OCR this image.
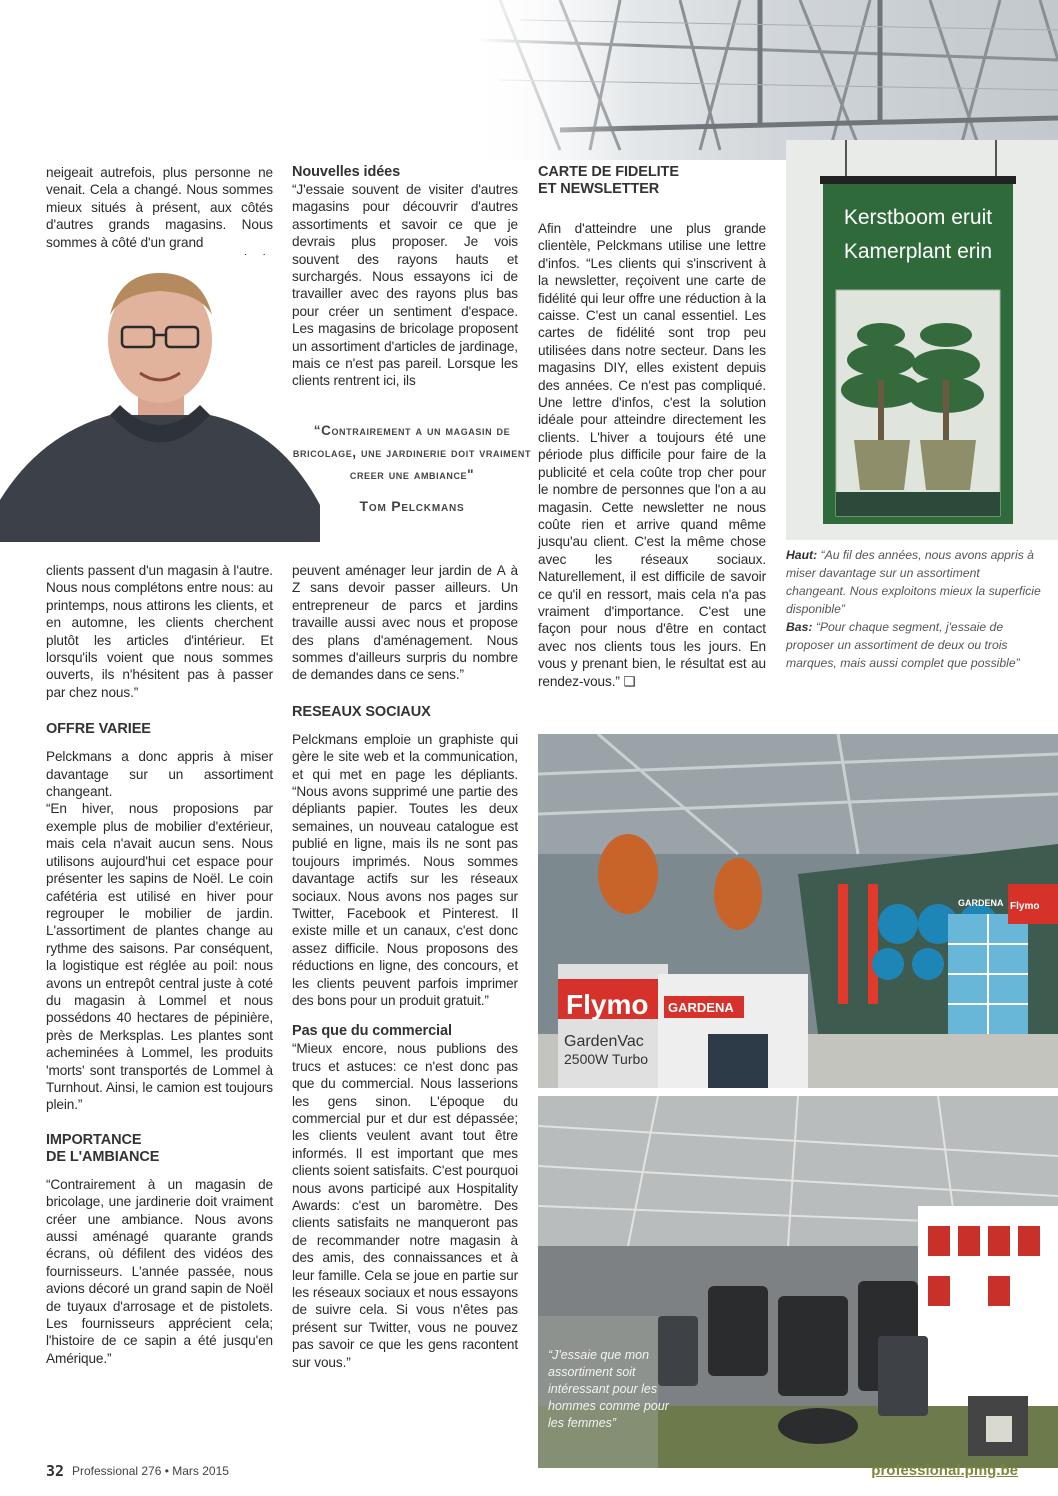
neigeait autrefois, plus personne ne venait. Cela a changé. Nous sommes mieux situés à présent, aux côtés d'autres grands magasins. Nous sommes à côté d'un grand

clients passent d'un magasin à l'autre. Nous nous complétons entre nous: au printemps, nous attirons les clients, et en automne, les clients cherchent plutôt les articles d'intérieur. Et lorsqu'ils voient que nous sommes ouverts, ils n'hésitent pas à passer par chez nous.”

OFFRE VARIEE

Pelckmans a donc appris à miser davantage sur un assortiment changeant.

“En hiver, nous proposions par exemple plus de mobilier d'extérieur, mais cela n'avait aucun sens. Nous utilisons aujourd'hui cet espace pour présenter les sapins de Noël. Le coin cafétéria est utilisé en hiver pour regrouper le mobilier de jardin. L'assortiment de plantes change au rythme des saisons. Par conséquent, la logistique est réglée au poil: nous avons un entrepôt central juste à coté du magasin à Lommel et nous possédons 40 hectares de pépinière, près de Merksplas. Les plantes sont acheminées à Lommel, les produits 'morts' sont transportés de Lommel à Turnhout. Ainsi, le camion est toujours plein.”

IMPORTANCE

DE L'AMBIANCE

“Contrairement à un magasin de bricolage, une jardinerie doit vraiment créer une ambiance. Nous avons aussi aménagé quarante grands écrans, où défilent des vidéos des fournisseurs. L'année passée, nous avions décoré un grand sapin de Noël de tuyaux d'arrosage et de pistolets. Les fournisseurs apprécient cela; l'histoire de ce sapin a été jusqu'en Amérique.”

Nouvelles idées

“J'essaie souvent de visiter d'autres magasins pour découvrir d'autres assortiments et savoir ce que je devrais plus proposer. Je vois souvent des rayons hauts et surchargés. Nous essayons ici de travailler avec des rayons plus bas pour créer un sentiment d'espace. Les magasins de bricolage proposent un assortiment d'articles de jardinage, mais ce n'est pas pareil. Lorsque les clients rentrent ici, ils

“Contrairement a un magasin de bricolage, une jardinerie doit vraiment creer une ambiance"
Tom Pelckmans

peuvent aménager leur jardin de A à Z sans devoir passer ailleurs. Un entrepreneur de parcs et jardins travaille aussi avec nous et propose des plans d'aménagement. Nous sommes d'ailleurs surpris du nombre de demandes dans ce sens.”

RESEAUX SOCIAUX

Pelckmans emploie un graphiste qui gère le site web et la communication, et qui met en page les dépliants. “Nous avons supprimé une partie des dépliants papier. Toutes les deux semaines, un nouveau catalogue est publié en ligne, mais ils ne sont pas toujours imprimés. Nous sommes davantage actifs sur les réseaux sociaux. Nous avons nos pages sur Twitter, Facebook et Pinterest. Il existe mille et un canaux, c'est donc assez difficile. Nous proposons des réductions en ligne, des concours, et les clients peuvent parfois imprimer des bons pour un produit gratuit.”

Pas que du commercial

“Mieux encore, nous publions des trucs et astuces: ce n'est donc pas que du commercial. Nous lasserions les gens sinon. L'époque du commercial pur et dur est dépassée; les clients veulent avant tout être informés. Il est important que mes clients soient satisfaits. C'est pourquoi nous avons participé aux Hospitality Awards: c'est un baromètre. Des clients satisfaits ne manqueront pas de recommander notre magasin à des amis, des connaissances et à leur famille. Cela se joue en partie sur les réseaux sociaux et nous essayons de suivre cela. Si vous n'êtes pas présent sur Twitter, vous ne pouvez pas savoir ce que les gens racontent sur vous.”

CARTE DE FIDELITE

ET NEWSLETTER

Afin d'atteindre une plus grande clientèle, Pelckmans utilise une lettre d'infos. “Les clients qui s'inscrivent à la newsletter, reçoivent une carte de fidélité qui leur offre une réduction à la caisse. C'est un canal essentiel. Les cartes de fidélité sont trop peu utilisées dans notre secteur. Dans les magasins DIY, elles existent depuis des années. Ce n'est pas compliqué. Une lettre d'infos, c'est la solution idéale pour atteindre directement les clients. L'hiver a toujours été une période plus difficile pour faire de la publicité et cela coûte trop cher pour le nombre de personnes que l'on a au magasin. Cette newsletter ne nous coûte rien et arrive quand même jusqu'au client. C'est la même chose avec les réseaux sociaux. Naturellement, il est difficile de savoir ce qu'il en ressort, mais cela n'a pas vraiment d'importance. C'est une façon pour nous d'être en contact avec nos clients tous les jours. En vous y prenant bien, le résultat est au rendez-vous.” ❑

Kerstboom eruit
Kamerplant erin
Haut: “Au fil des années, nous avons appris à miser davantage sur un assortiment changeant. Nous exploitons mieux la superficie disponible”
Bas: “Pour chaque segment, j'essaie de proposer un assortiment de deux ou trois marques, mais aussi complet que possible”
Flymo GARDENA
GardenVac
2500W Turbo
Flymo
GARDENA
“J'essaie que mon assortiment soit intéressant pour les hommes comme pour les femmes”
32 Professional 276 • Mars 2015	professional.pmg.be
